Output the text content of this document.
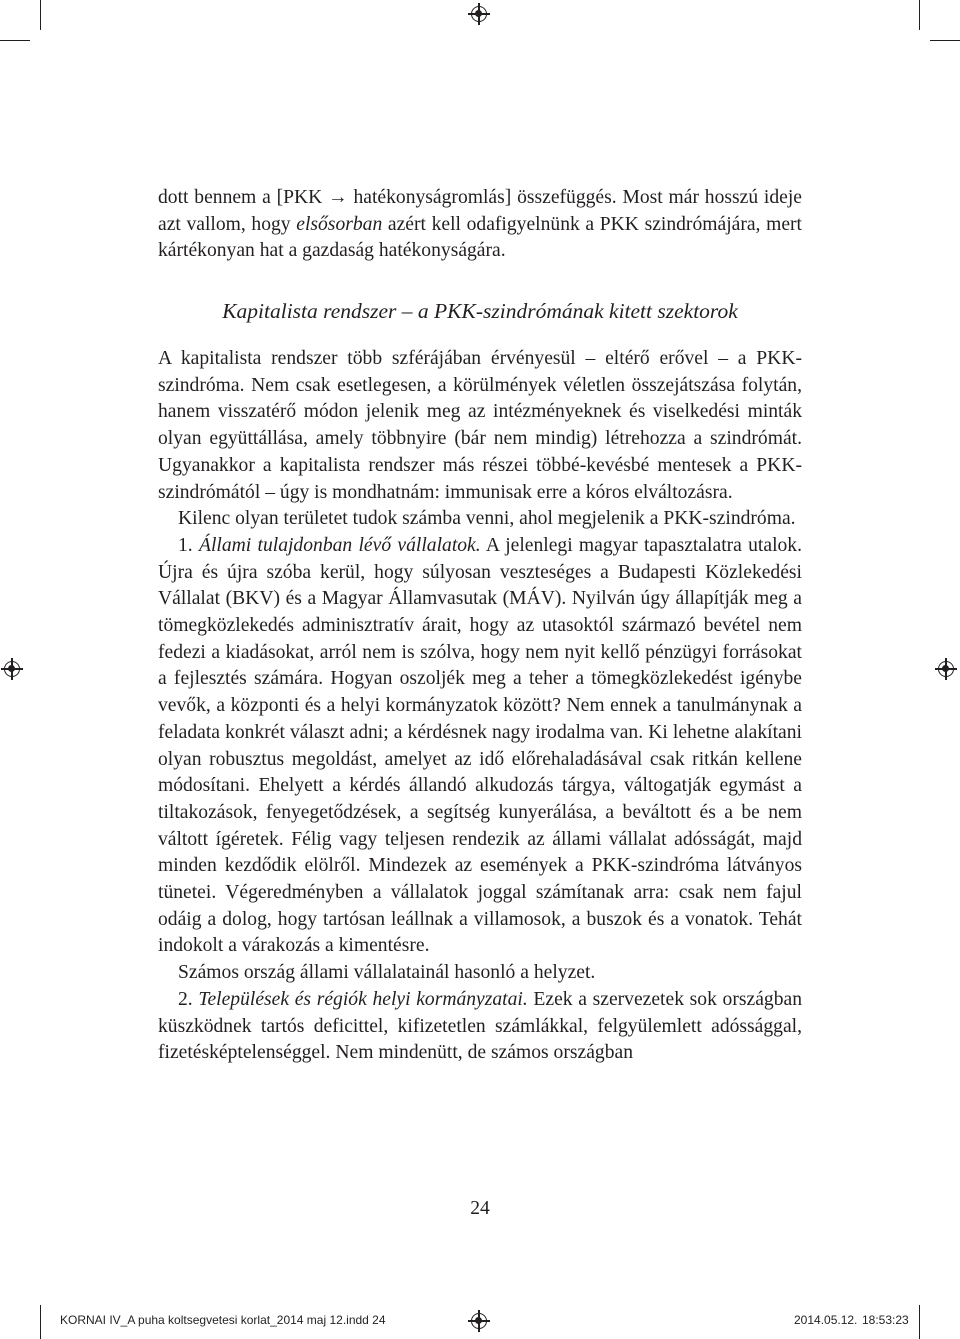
dott bennem a [PKK → hatékonyságromlás] összefüggés. Most már hosszú ideje azt vallom, hogy elsősorban azért kell odafigyelnünk a PKK szindrómájára, mert kártékonyan hat a gazdaság hatékonyságára.

Kapitalista rendszer – a PKK-szindrómának kitett szektorok

A kapitalista rendszer több szférájában érvényesül – eltérő erővel – a PKK-szindróma. Nem csak esetlegesen, a körülmények véletlen összejátszása folytán, hanem visszatérő módon jelenik meg az intézményeknek és viselkedési minták olyan együttállása, amely többnyire (bár nem mindig) létrehozza a szindrómát. Ugyanakkor a kapitalista rendszer más részei többé-kevésbé mentesek a PKK-szindrómától – úgy is mondhatnám: immunisak erre a kóros elváltozásra.

Kilenc olyan területet tudok számba venni, ahol megjelenik a PKK-szindróma.

1. Állami tulajdonban lévő vállalatok. A jelenlegi magyar tapasztalatra utalok. Újra és újra szóba kerül, hogy súlyosan veszteséges a Budapesti Közlekedési Vállalat (BKV) és a Magyar Államvasutak (MÁV). Nyilván úgy állapítják meg a tömegközlekedés adminisztratív árait, hogy az utasoktól származó bevétel nem fedezi a kiadásokat, arról nem is szólva, hogy nem nyit kellő pénzügyi forrásokat a fejlesztés számára. Hogyan oszoljék meg a teher a tömegközlekedést igénybe vevők, a központi és a helyi kormányzatok között? Nem ennek a tanulmánynak a feladata konkrét választ adni; a kérdésnek nagy irodalma van. Ki lehetne alakítani olyan robusztus megoldást, amelyet az idő előrehaladásával csak ritkán kellene módosítani. Ehelyett a kérdés állandó alkudozás tárgya, váltogatják egymást a tiltakozások, fenyegetődzések, a segítség kunyerálása, a beváltott és a be nem váltott ígéretek. Félig vagy teljesen rendezik az állami vállalat adósságát, majd minden kezdődik elölről. Mindezek az események a PKK-szindróma látványos tünetei. Végeredményben a vállalatok joggal számítanak arra: csak nem fajul odáig a dolog, hogy tartósan leállnak a villamosok, a buszok és a vonatok. Tehát indokolt a várakozás a kimentésre.

Számos ország állami vállalatainál hasonló a helyzet.

2. Települések és régiók helyi kormányzatai. Ezek a szervezetek sok országban küszködnek tartós deficittel, kifizetetlen számlákkal, felgyülemlett adóssággal, fizetésképtelenséggel. Nem mindenütt, de számos országban

24
KORNAI IV_A puha koltsegvetesi korlat_2014 maj 12.indd 24	2014.05.12. 18:53:23
